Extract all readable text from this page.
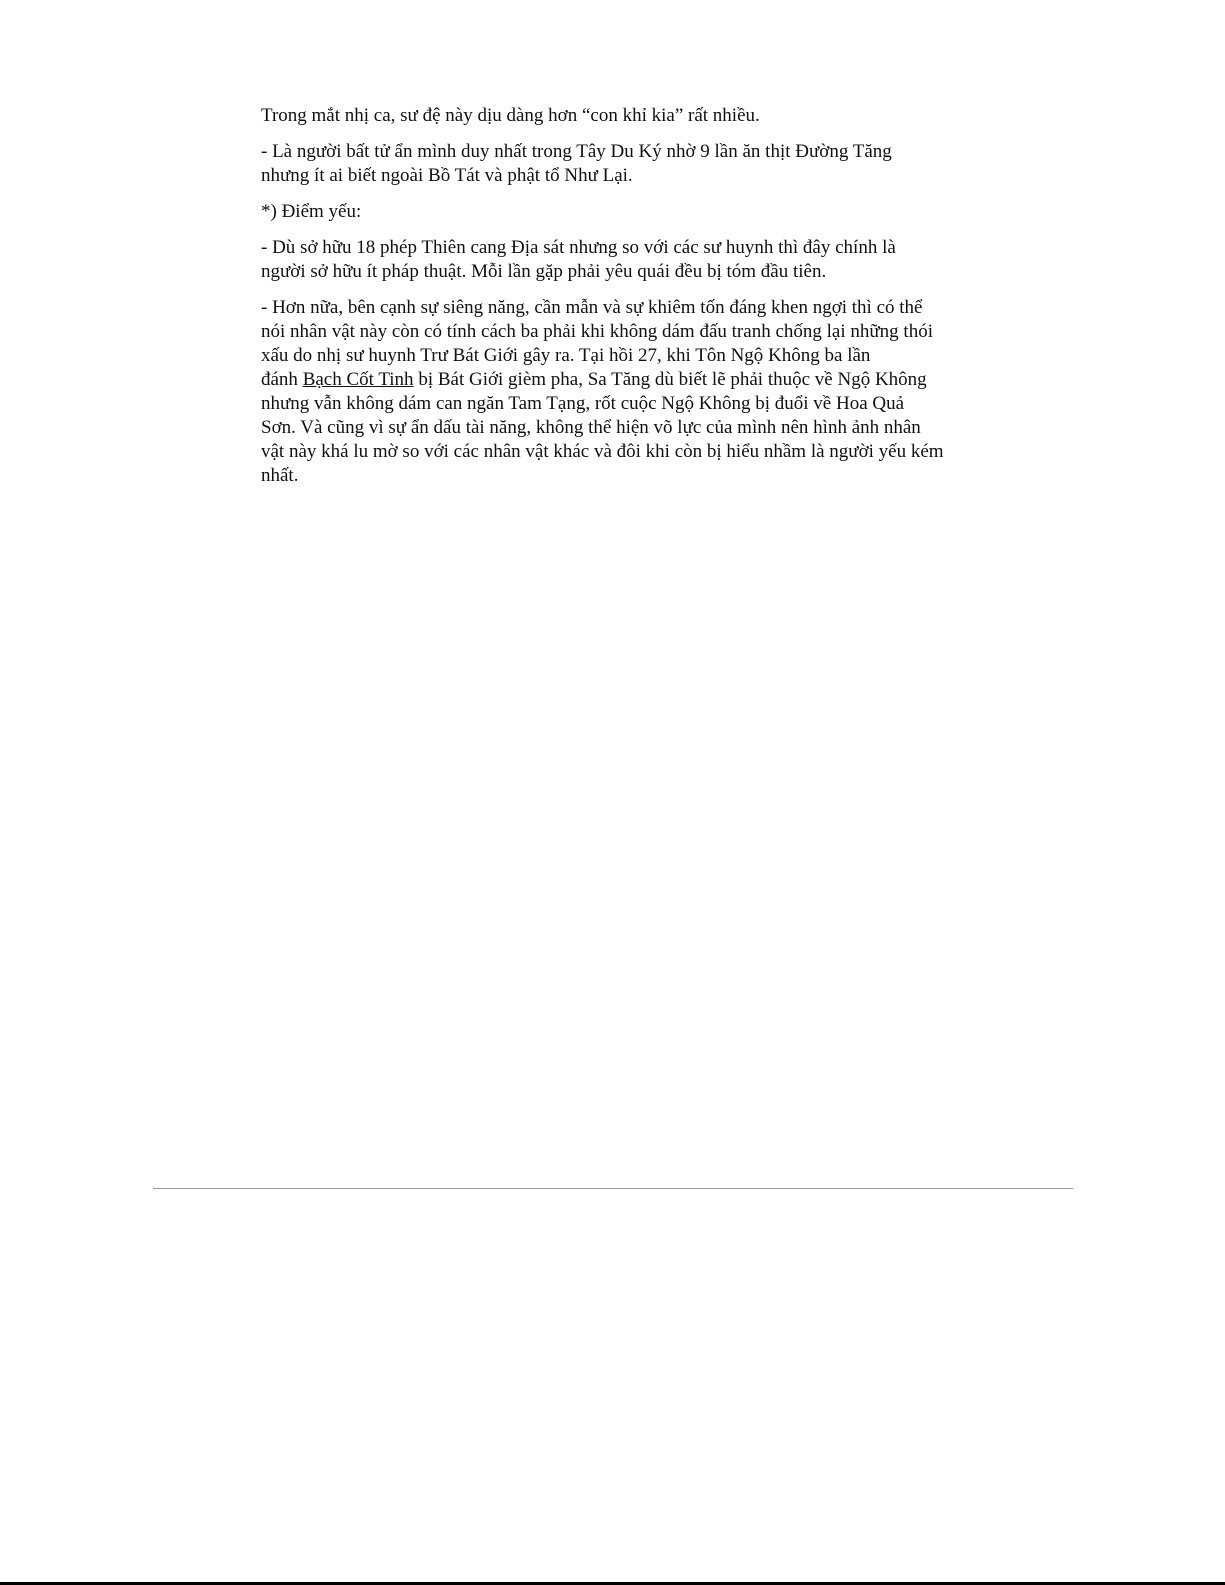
Trong mắt nhị ca, sư đệ này dịu dàng hơn “con khỉ kia” rất nhiều.
- Là người bất tử ẩn mình duy nhất trong Tây Du Ký nhờ 9 lần ăn thịt Đường Tăng
nhưng ít ai biết ngoài Bồ Tát và phật tổ Như Lại.
*) Điểm yếu:
- Dù sở hữu 18 phép Thiên cang Địa sát nhưng so với các sư huynh thì đây chính là
người sở hữu ít pháp thuật. Mỗi lần gặp phải yêu quái đều bị tóm đầu tiên.
- Hơn nữa, bên cạnh sự siêng năng, cần mẫn và sự khiêm tốn đáng khen ngợi thì có thể
nói nhân vật này còn có tính cách ba phải khi không dám đấu tranh chống lại những thói
xấu do nhị sư huynh Trư Bát Giới gây ra. Tại hồi 27, khi Tôn Ngộ Không ba lần
đánh Bạch Cốt Tinh bị Bát Giới gièm pha, Sa Tăng dù biết lẽ phải thuộc về Ngộ Không
nhưng vẫn không dám can ngăn Tam Tạng, rốt cuộc Ngộ Không bị đuổi về Hoa Quả
Sơn. Và cũng vì sự ẩn dấu tài năng, không thể hiện võ lực của mình nên hình ảnh nhân
vật này khá lu mờ so với các nhân vật khác và đôi khi còn bị hiểu nhầm là người yếu kém
nhất.
